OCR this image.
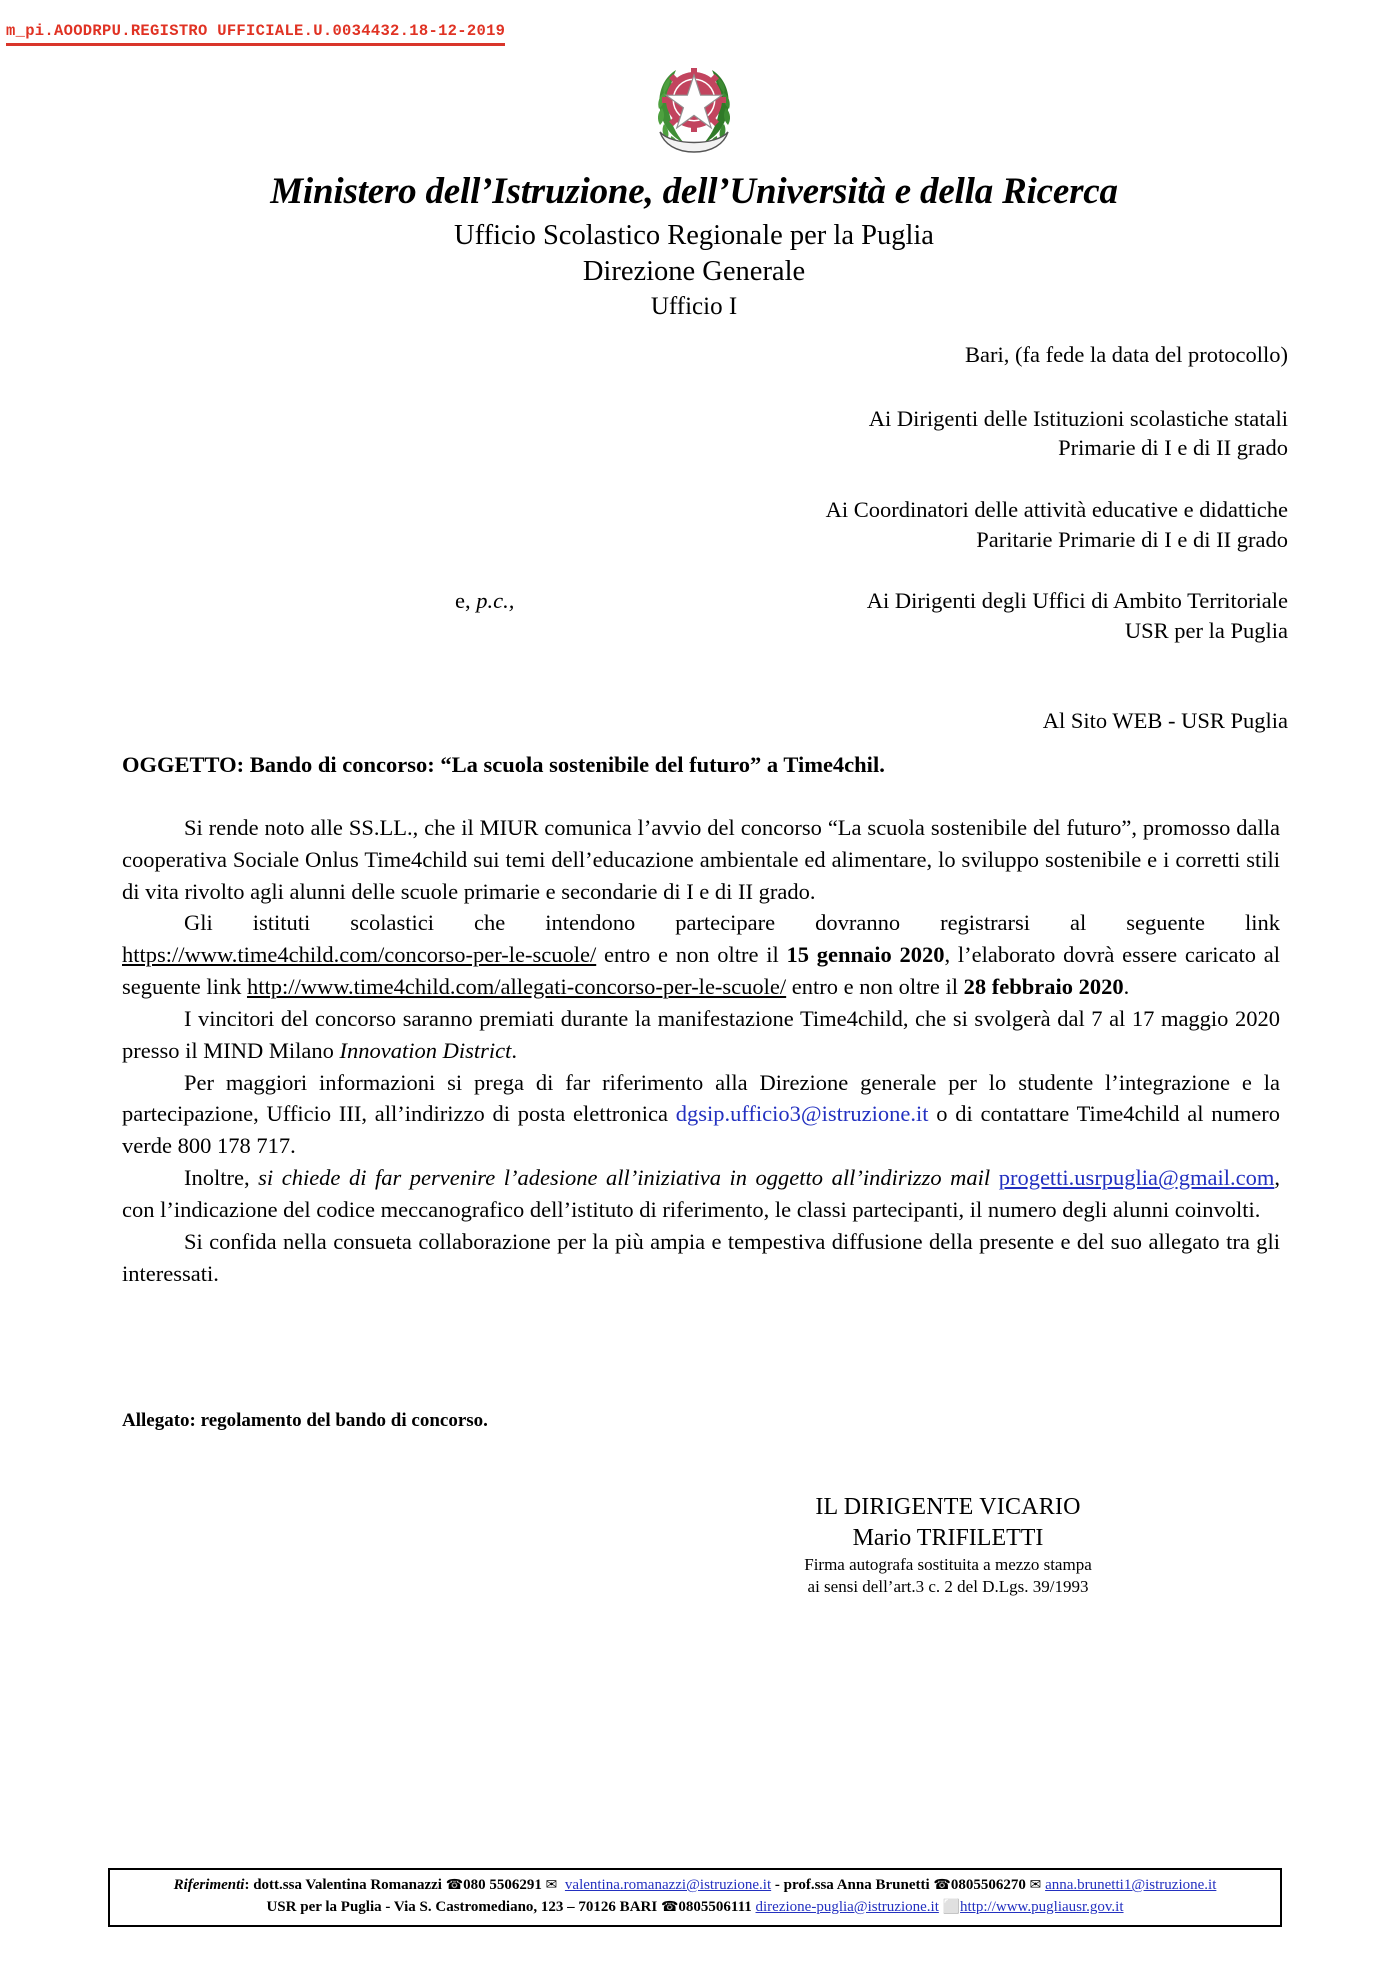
m_pi.AOODRPU.REGISTRO UFFICIALE.U.0034432.18-12-2019
Ministero dell’Istruzione, dell’Università e della Ricerca
Ufficio Scolastico Regionale per la Puglia
Direzione Generale
Ufficio I
Bari, (fa fede la data del protocollo)
Ai Dirigenti delle Istituzioni scolastiche statali
Primarie di I e di II grado
Ai Coordinatori delle attività educative e didattiche
Paritarie Primarie di I e di II grado
e, p.c.,	Ai Dirigenti degli Uffici di Ambito Territoriale
USR per la Puglia
Al Sito WEB - USR Puglia
OGGETTO: Bando di concorso: “La scuola sostenibile del futuro” a Time4chil.

Si rende noto alle SS.LL., che il MIUR comunica l’avvio del concorso “La scuola sostenibile del futuro”, promosso dalla cooperativa Sociale Onlus Time4child sui temi dell’educazione ambientale ed alimentare, lo sviluppo sostenibile e i corretti stili di vita rivolto agli alunni delle scuole primarie e secondarie di I e di II grado.

Gli istituti scolastici che intendono partecipare dovranno registrarsi al seguente link https://www.time4child.com/concorso-per-le-scuole/ entro e non oltre il 15 gennaio 2020, l’elaborato dovrà essere caricato al seguente link http://www.time4child.com/allegati-concorso-per-le-scuole/ entro e non oltre il 28 febbraio 2020.

I vincitori del concorso saranno premiati durante la manifestazione Time4child, che si svolgerà dal 7 al 17 maggio 2020 presso il MIND Milano Innovation District.

Per maggiori informazioni si prega di far riferimento alla Direzione generale per lo studente l’integrazione e la partecipazione, Ufficio III, all’indirizzo di posta elettronica dgsip.ufficio3@istruzione.it o di contattare Time4child al numero verde 800 178 717.

Inoltre, si chiede di far pervenire l’adesione all’iniziativa in oggetto all’indirizzo mail progetti.usrpuglia@gmail.com, con l’indicazione del codice meccanografico dell’istituto di riferimento, le classi partecipanti, il numero degli alunni coinvolti.

Si confida nella consueta collaborazione per la più ampia e tempestiva diffusione della presente e del suo allegato tra gli interessati.

Allegato: regolamento del bando di concorso.
IL DIRIGENTE VICARIO
Mario TRIFILETTI
Firma autografa sostituita a mezzo stampa
ai sensi dell’art.3 c. 2 del D.Lgs. 39/1993
Riferimenti: dott.ssa Valentina Romanazzi ☎080 5506291 ✉ valentina.romanazzi@istruzione.it - prof.ssa Anna Brunetti ☎0805506270 ✉ anna.brunetti1@istruzione.it
USR per la Puglia - Via S. Castromediano, 123 – 70126 BARI ☎0805506111 direzione-puglia@istruzione.it ⬜http://www.pugliausr.gov.it
